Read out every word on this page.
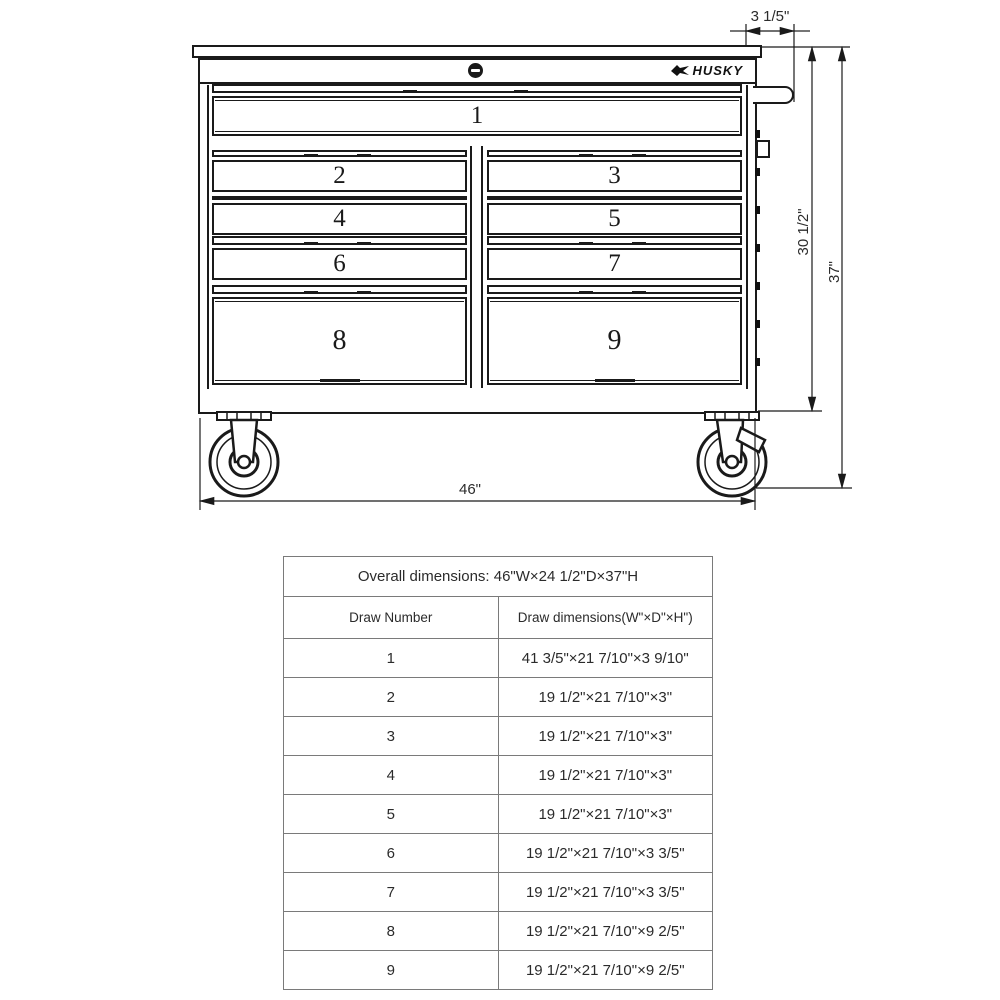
HUSKY
1
2	3
4	5
6	7
8	9
3 1/5"
30 1/2"
37"
46"
Overall dimensions: 46"W×24 1/2"D×37"H	
Draw Number	Draw dimensions(W"×D"×H")
1	41 3/5"×21 7/10"×3 9/10"
2	19 1/2"×21 7/10"×3"
3	19 1/2"×21 7/10"×3"
4	19 1/2"×21 7/10"×3"
5	19 1/2"×21 7/10"×3"
6	19 1/2"×21 7/10"×3 3/5"
7	19 1/2"×21 7/10"×3 3/5"
8	19 1/2"×21 7/10"×9 2/5"
9	19 1/2"×21 7/10"×9 2/5"
